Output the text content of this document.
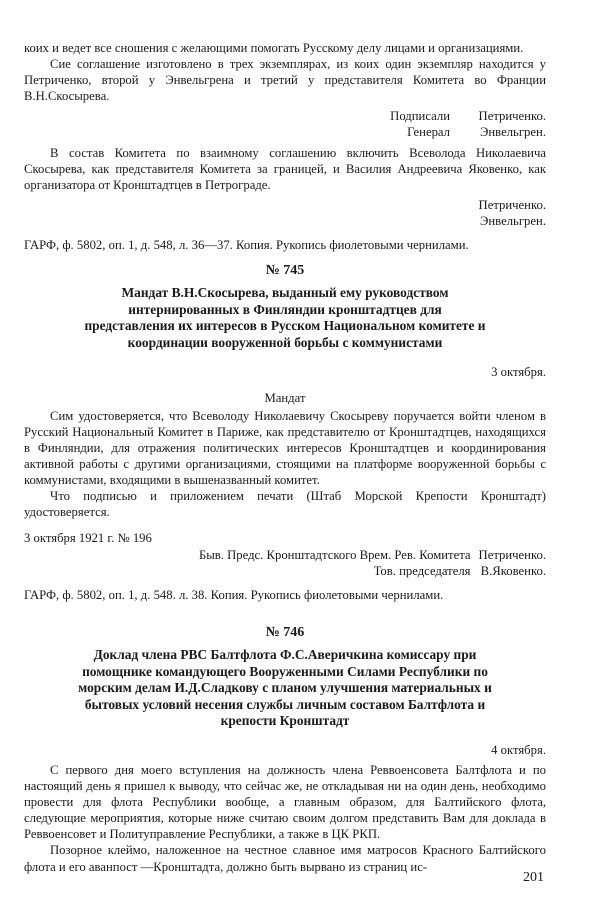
коих и ведет все сношения с желающими помогать Русскому делу лицами и организациями.

Сие соглашение изготовлено в трех экземплярах, из коих один экземпляр находится у Петриченко, второй у Энвельгрена и третий у представителя Комитета во Франции В.Н.Скосырева.

Подписали	Петриченко.
Генерал	Энвельгрен.

В состав Комитета по взаимному соглашению включить Всеволода Николаевича Скосырева, как представителя Комитета за границей, и Василия Андреевича Яковенко, как организатора от Кронштадтцев в Петрограде.

Петриченко.

Энвельгрен.

ГАРФ, ф. 5802, оп. 1, д. 548, л. 36—37. Копия. Рукопись фиолетовыми чернилами.

№ 745
Мандат В.Н.Скосырева, выданный ему руководством интернированных в Финляндии кронштадтцев для представления их интересов в Русском Национальном комитете и координации вооруженной борьбы с коммунистами

3 октября.

Мандат

Сим удостоверяется, что Всеволоду Николаевичу Скосыреву поручается войти членом в Русский Национальный Комитет в Париже, как представителю от Кронштадтцев, находящихся в Финляндии, для отражения политических интересов Кронштадтцев и координирования активной работы с другими организациями, стоящими на платформе вооруженной борьбы с коммунистами, входящими в вышеназванный комитет.

Что подписью и приложением печати (Штаб Морской Крепости Кронштадт) удостоверяется.

3 октября 1921 г. № 196

Быв. Предс. Кронштадтского Врем. Рев. Комитета	Петриченко.
Тов. председателя	В.Яковенко.

ГАРФ, ф. 5802, оп. 1, д. 548. л. 38. Копия. Рукопись фиолетовыми чернилами.

№ 746
Доклад члена РВС Балтфлота Ф.С.Аверичкина комиссару при помощнике командующего Вооруженными Силами Республики по морским делам И.Д.Сладкову с планом улучшения материальных и бытовых условий несения службы личным составом Балтфлота и крепости Кронштадт

4 октября.

С первого дня моего вступления на должность члена Реввоенсовета Балтфлота и по настоящий день я пришел к выводу, что сейчас же, не откладывая ни на один день, необходимо провести для флота Республики вообще, а главным образом, для Балтийского флота, следующие мероприятия, которые ниже считаю своим долгом представить Вам для доклада в Реввоенсовет и Политуправление Республики, а также в ЦК РКП.

Позорное клеймо, наложенное на честное славное имя матросов Красного Балтийского флота и его аванпост —Кронштадта, должно быть вырвано из страниц ис-

201
